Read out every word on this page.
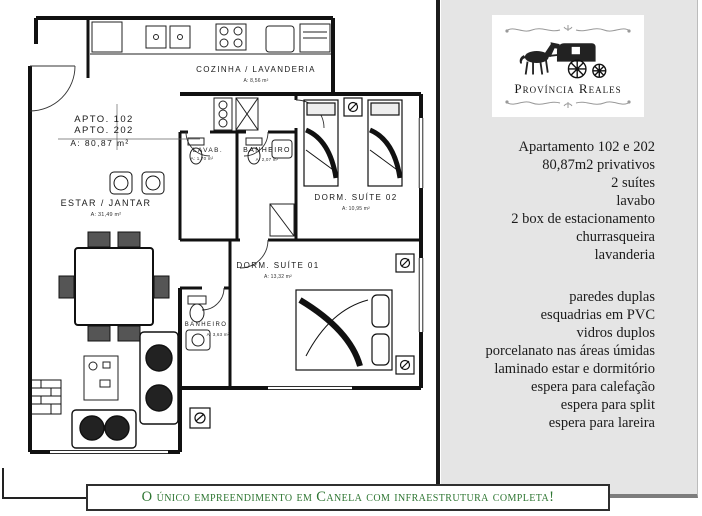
COZINHA / LAVANDERIA
A: 8,56 m²
APTO. 102
APTO. 202
A: 80,87 m²
LAVAB.
A: 1,70 m²
BANHEIRO
A: 2,07 m²
DORM. SUÍTE 02
A: 10,95 m²
ESTAR / JANTAR
A: 31,49 m²
DORM. SUÍTE 01
A: 13,32 m²
BANHEIRO
A: 3,63 m²
Província Reales
Apartamento 102 e 202
80,87m2 privativos
2 suítes
lavabo
2 box de estacionamento
churrasqueira
lavanderia
paredes duplas
esquadrias em PVC
vidros duplos
porcelanato nas áreas úmidas
laminado estar e dormitório
espera para calefação
espera para split
espera para lareira
O único empreendimento em Canela com infraestrutura completa!
